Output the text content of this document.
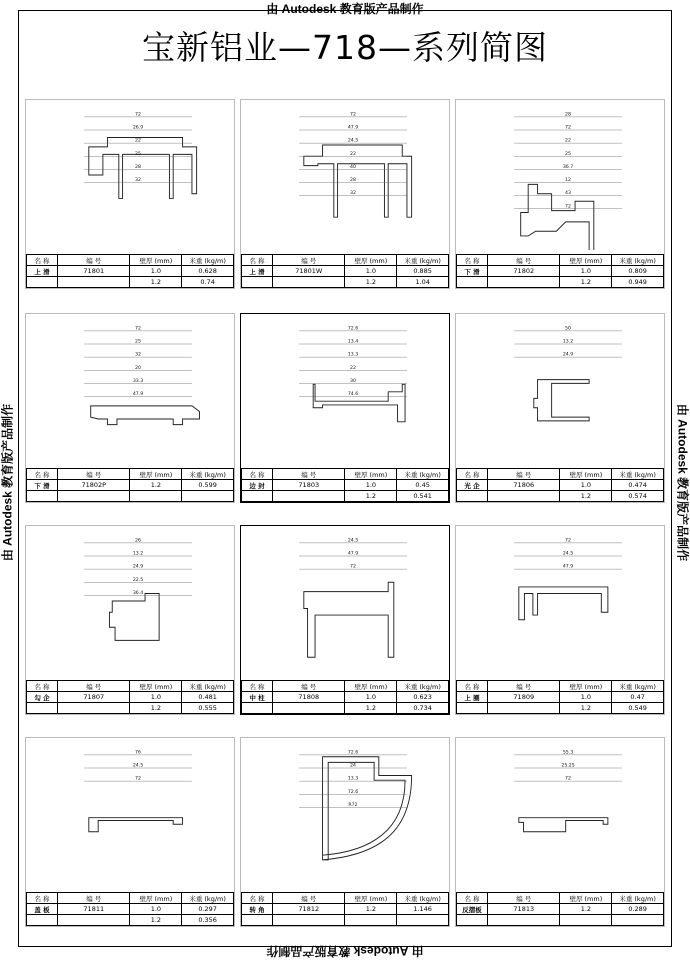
由 Autodesk 教育版产品制作
由 Autodesk 教育版产品制作
由 Autodesk 教育版产品制作	由 Autodesk 教育版产品制作
宝新铝业—718—系列简图
72
26.9
22
25
28
32
名 称	编 号	壁厚 (mm)	米重 (kg/m)
上 滑	71801	1.0	0.628
		1.2	0.74
72
47.9
24.5
22
40
28
32
名 称	编 号	壁厚 (mm)	米重 (kg/m)
上 滑	71801W	1.0	0.885
		1.2	1.04
28
72
22
25
36.7
12
43
72
名 称	编 号	壁厚 (mm)	米重 (kg/m)
下 滑	71802	1.0	0.809
		1.2	0.949
72
25
32
20
33.3
47.9
名 称	编 号	壁厚 (mm)	米重 (kg/m)
下 滑	71802P	1.2	0.599

72.6
13.4
13.3
22
30
74.6
名 称	编 号	壁厚 (mm)	米重 (kg/m)
边 封	71803	1.0	0.45
		1.2	0.541
50
13.2
24.9
名 称	编 号	壁厚 (mm)	米重 (kg/m)
光 企	71806	1.0	0.474
		1.2	0.574
26
13.2
24.9
22.5
36.4
名 称	编 号	壁厚 (mm)	米重 (kg/m)
勾 企	71807	1.0	0.481
		1.2	0.555
24.5
47.9
72
名 称	编 号	壁厚 (mm)	米重 (kg/m)
中 柱	71808	1.0	0.623
		1.2	0.734
72
24.5
47.9
名 称	编 号	壁厚 (mm)	米重 (kg/m)
上 圈	71809	1.0	0.47
		1.2	0.549
76
24.5
72
名 称	编 号	壁厚 (mm)	米重 (kg/m)
盖 板	71811	1.0	0.297
		1.2	0.356
72.6
24
13.3
72.6
R72
名 称	编 号	壁厚 (mm)	米重 (kg/m)
转 角	71812	1.2	1.146

55.3
25.25
72
名 称	编 号	壁厚 (mm)	米重 (kg/m)
反摺板	71813	1.2	0.289
